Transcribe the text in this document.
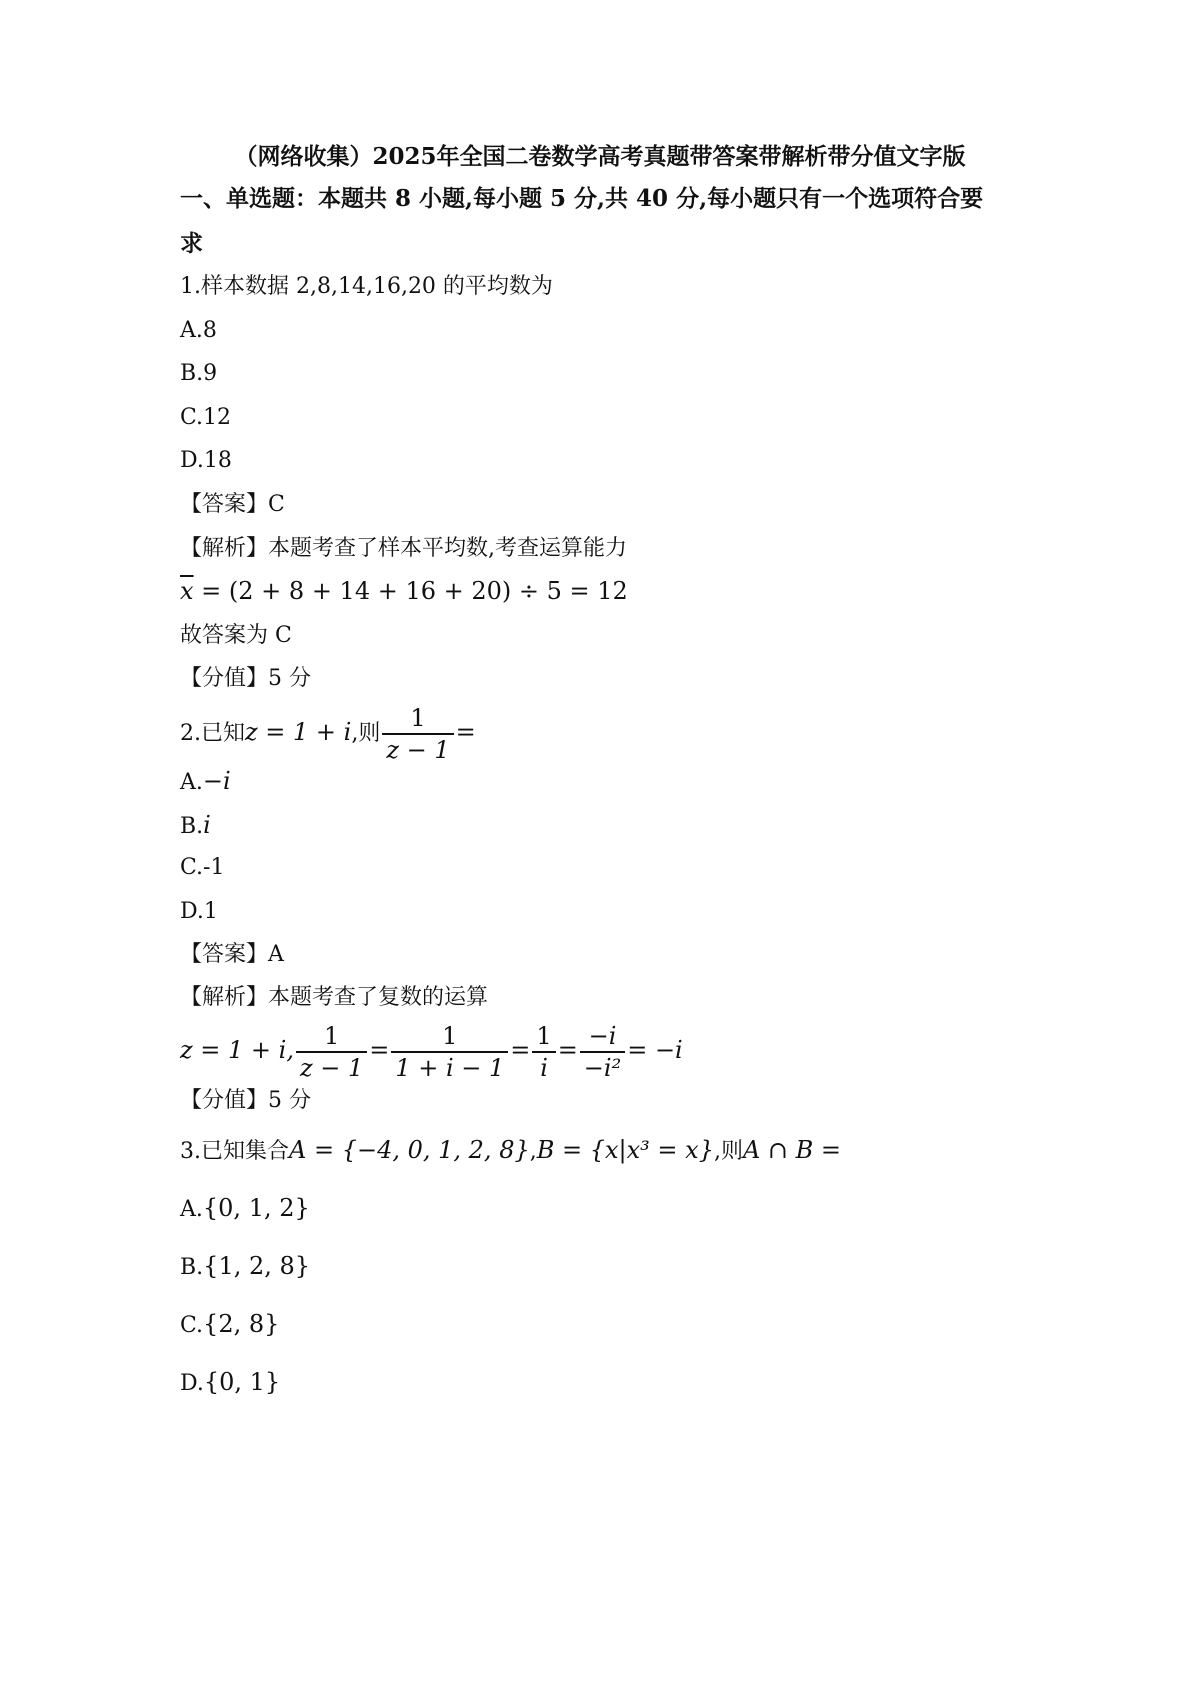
（网络收集）2025年全国二卷数学高考真题带答案带解析带分值文字版
一、单选题：本题共 8 小题,每小题 5 分,共 40 分,每小题只有一个选项符合要
求
1.样本数据 2,8,14,16,20 的平均数为
A.8
B.9
C.12
D.18
【答案】C
【解析】本题考查了样本平均数,考查运算能力
$\overline{x} = (2 + 8 + 14 + 16 + 20) \div 5 = 12$
故答案为 C
【分值】5 分
2.已知z = 1 + i,则 $\frac{1}{z - 1}$ =
A.−i
B.i
C.-1
D.1
【答案】A
【解析】本题考查了复数的运算
z = 1 + i, $\frac{1}{z - 1} = \frac{1}{1 + i - 1} = \frac{1}{i} = \frac{-i}{\text{−i²}} = -i$
【分值】5 分
3.已知集合A = {−4, 0, 1, 2, 8},B = {x|x³ = x},则A ∩ B =
A.{0, 1, 2}
B.{1, 2, 8}
C.{2, 8}
D.{0, 1}
